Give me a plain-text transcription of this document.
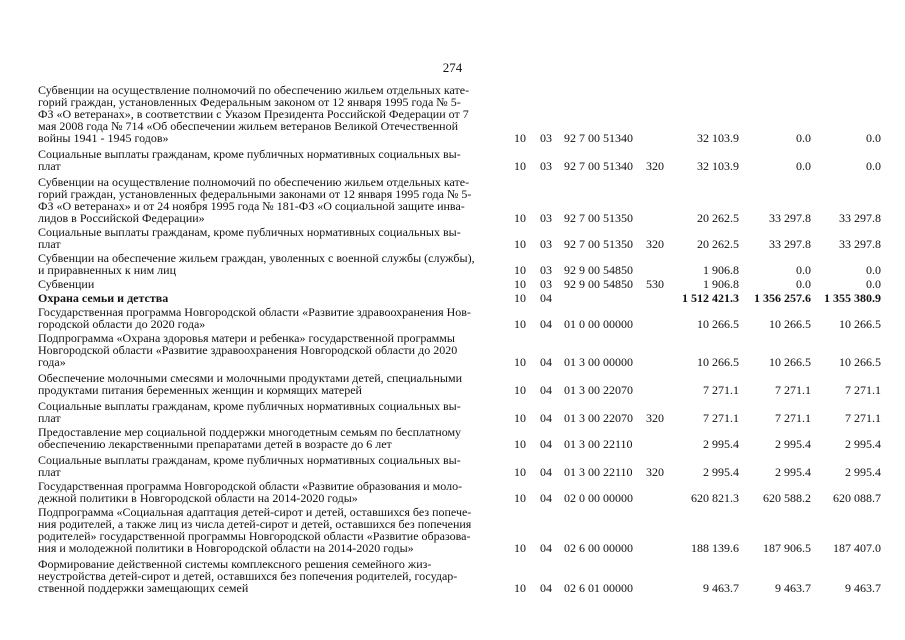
274
Субвенции на осуществление полномочий по обеспечению жильем отдельных кате-
горий граждан, установленных Федеральным законом от 12 января 1995 года № 5-
ФЗ «О ветеранах», в соответствии с Указом Президента Российской Федерации от 7
мая 2008 года № 714 «Об обеспечении жильем ветеранов Великой Отечественной
войны 1941 - 1945 годов»	10 03 92 7 00 51340	32 103.9	0.0	0.0
Социальные выплаты гражданам, кроме публичных нормативных социальных вы-
плат	10 03 92 7 00 51340 320	32 103.9	0.0	0.0
Субвенции на осуществление полномочий по обеспечению жильем отдельных кате-
горий граждан, установленных федеральными законами от 12 января 1995 года № 5-
ФЗ «О ветеранах» и от 24 ноября 1995 года № 181-ФЗ «О социальной защите инва-
лидов в Российской Федерации»	10 03 92 7 00 51350	20 262.5	33 297.8	33 297.8
Социальные выплаты гражданам, кроме публичных нормативных социальных вы-
плат	10 03 92 7 00 51350 320	20 262.5	33 297.8	33 297.8
Субвенции на обеспечение жильем граждан, уволенных с военной службы (службы),
и приравненных к ним лиц	10 03 92 9 00 54850	1 906.8	0.0	0.0
Субвенции	10 03 92 9 00 54850 530	1 906.8	0.0	0.0
Охрана семьи и детства	10 04	1 512 421.3	1 356 257.6	1 355 380.9
Государственная программа Новгородской области «Развитие здравоохранения Нов-
городской области до 2020 года»	10 04 01 0 00 00000	10 266.5	10 266.5	10 266.5
Подпрограмма «Охрана здоровья матери и ребенка» государственной программы
Новгородской области «Развитие здравоохранения Новгородской области до 2020
года»	10 04 01 3 00 00000	10 266.5	10 266.5	10 266.5
Обеспечение молочными смесями и молочными продуктами детей, специальными
продуктами питания беременных женщин и кормящих матерей	10 04 01 3 00 22070	7 271.1	7 271.1	7 271.1
Социальные выплаты гражданам, кроме публичных нормативных социальных вы-
плат	10 04 01 3 00 22070 320	7 271.1	7 271.1	7 271.1
Предоставление мер социальной поддержки многодетным семьям по бесплатному
обеспечению лекарственными препаратами детей в возрасте до 6 лет	10 04 01 3 00 22110	2 995.4	2 995.4	2 995.4
Социальные выплаты гражданам, кроме публичных нормативных социальных вы-
плат	10 04 01 3 00 22110 320	2 995.4	2 995.4	2 995.4
Государственная программа Новгородской области «Развитие образования и моло-
дежной политики в Новгородской области на 2014-2020 годы»	10 04 02 0 00 00000	620 821.3	620 588.2	620 088.7
Подпрограмма «Социальная адаптация детей-сирот и детей, оставшихся без попече-
ния родителей, а также лиц из числа детей-сирот и детей, оставшихся без попечения
родителей» государственной программы Новгородской области «Развитие образова-
ния и молодежной политики в Новгородской области на 2014-2020 годы»	10 04 02 6 00 00000	188 139.6	187 906.5	187 407.0
Формирование действенной системы комплексного решения семейного жиз-
неустройства детей-сирот и детей, оставшихся без попечения родителей, государ-
ственной поддержки замещающих семей	10 04 02 6 01 00000	9 463.7	9 463.7	9 463.7
